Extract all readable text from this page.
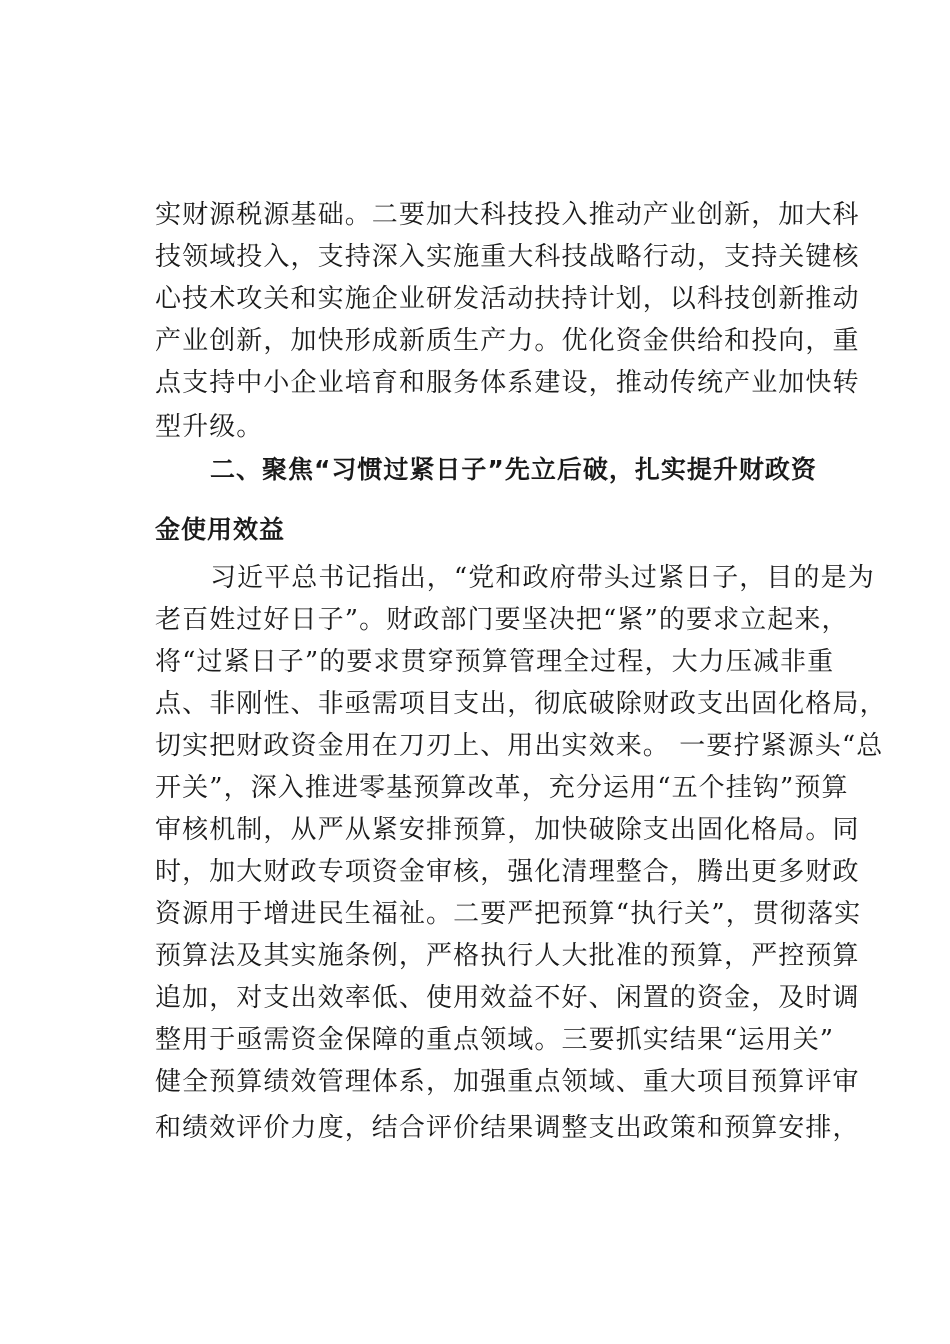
实财源税源基础。二要加大科技投入推动产业创新，加大科
技领域投入，支持深入实施重大科技战略行动，支持关键核
心技术攻关和实施企业研发活动扶持计划，以科技创新推动
产业创新，加快形成新质生产力。优化资金供给和投向，重
点支持中小企业培育和服务体系建设，推动传统产业加快转
型升级。
二、聚焦“习惯过紧日子”先立后破，扎实提升财政资
金使用效益
习近平总书记指出，“党和政府带头过紧日子，目的是为
老百姓过好日子”。财政部门要坚决把“紧”的要求立起来，
将“过紧日子”的要求贯穿预算管理全过程，大力压减非重
点、非刚性、非亟需项目支出，彻底破除财政支出固化格局，
切实把财政资金用在刀刃上、用出实效来。 一要拧紧源头“总
开关”，深入推进零基预算改革，充分运用“五个挂钩”预算
审核机制，从严从紧安排预算，加快破除支出固化格局。同
时，加大财政专项资金审核，强化清理整合，腾出更多财政
资源用于增进民生福祉。二要严把预算“执行关”，贯彻落实
预算法及其实施条例，严格执行人大批准的预算，严控预算
追加，对支出效率低、使用效益不好、闲置的资金，及时调
整用于亟需资金保障的重点领域。三要抓实结果“运用关”
健全预算绩效管理体系，加强重点领域、重大项目预算评审
和绩效评价力度，结合评价结果调整支出政策和预算安排，
